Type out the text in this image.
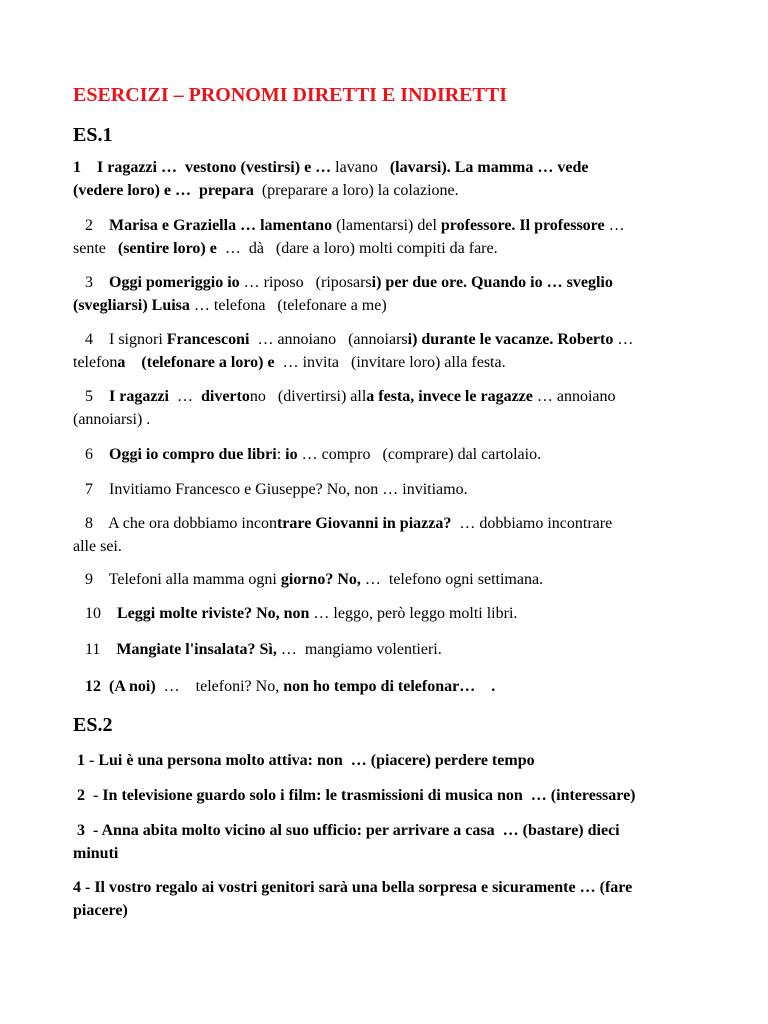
ESERCIZI – PRONOMI DIRETTI E INDIRETTI
ES.1
1    I ragazzi …  vestono (vestirsi) e … lavano   (lavarsi). La mamma … vede
(vedere loro) e …  prepara  (preparare a loro) la colazione.
2    Marisa e Graziella … lamentano (lamentarsi) del professore. Il professore …
sente   (sentire loro) e  …  dà   (dare a loro) molti compiti da fare.
3    Oggi pomeriggio io … riposo   (riposarsi) per due ore. Quando io … sveglio
(svegliarsi) Luisa … telefona   (telefonare a me)
4    I signori Francesconi  … annoiano   (annoiarsi) durante le vacanze. Roberto …
telefona    (telefonare a loro) e  … invita   (invitare loro) alla festa.
5    I ragazzi  …  divertono   (divertirsi) alla festa, invece le ragazze … annoiano
(annoiarsi) .
6    Oggi io compro due libri: io … compro   (comprare) dal cartolaio.
7    Invitiamo Francesco e Giuseppe? No, non … invitiamo.
8    A che ora dobbiamo incontrare Giovanni in piazza?  … dobbiamo incontrare
alle sei.
9    Telefoni alla mamma ogni giorno? No, …  telefono ogni settimana.
10    Leggi molte riviste? No, non … leggo, però leggo molti libri.
11    Mangiate l'insalata? Sì, …  mangiamo volentieri.
12  (A noi)  …    telefoni? No, non ho tempo di telefonar…    .
ES.2
1 - Lui è una persona molto attiva: non  … (piacere) perdere tempo
2  - In televisione guardo solo i film: le trasmissioni di musica non  … (interessare)
3  - Anna abita molto vicino al suo ufficio: per arrivare a casa  … (bastare) dieci
minuti
4 - Il vostro regalo ai vostri genitori sarà una bella sorpresa e sicuramente … (fare
piacere)
